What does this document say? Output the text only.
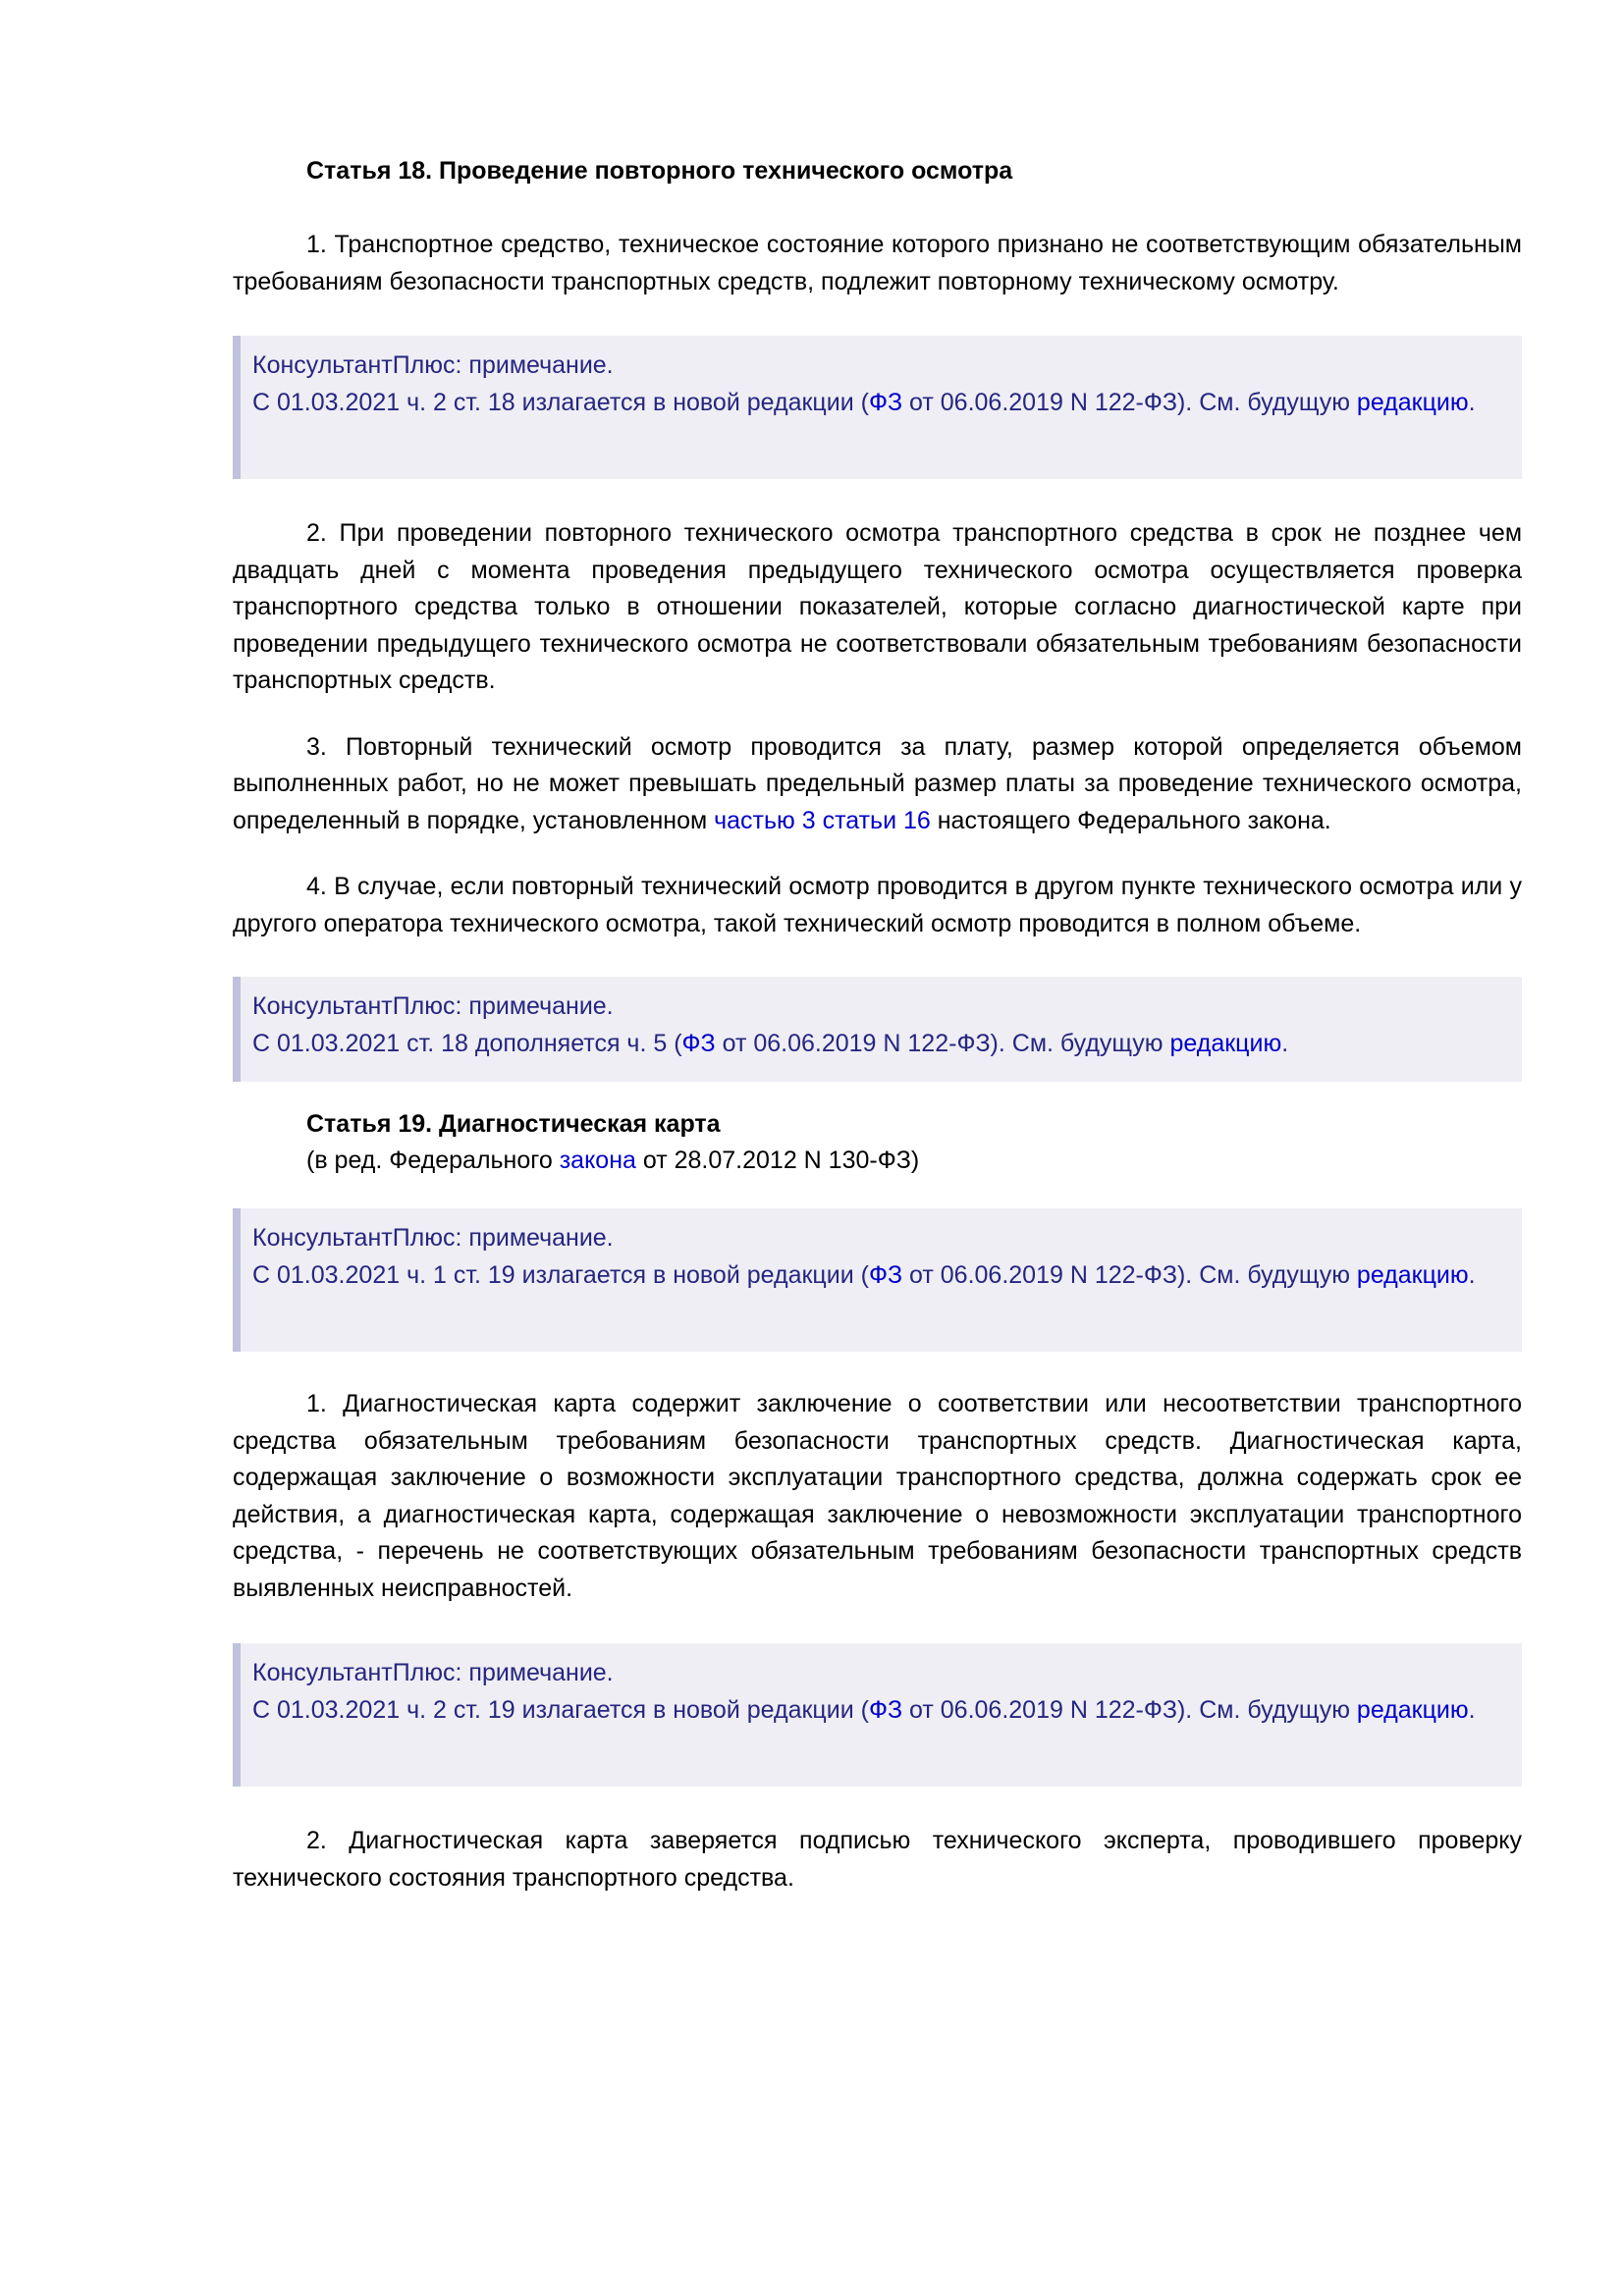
Статья 18. Проведение повторного технического осмотра

1. Транспортное средство, техническое состояние которого признано не соответствующим обязательным требованиям безопасности транспортных средств, подлежит повторному техническому осмотру.

КонсультантПлюс: примечание.

С 01.03.2021 ч. 2 ст. 18 излагается в новой редакции (ФЗ от 06.06.2019 N 122-ФЗ). См. будущую редакцию.

2. При проведении повторного технического осмотра транспортного средства в срок не позднее чем двадцать дней с момента проведения предыдущего технического осмотра осуществляется проверка транспортного средства только в отношении показателей, которые согласно диагностической карте при проведении предыдущего технического осмотра не соответствовали обязательным требованиям безопасности транспортных средств.

3. Повторный технический осмотр проводится за плату, размер которой определяется объемом выполненных работ, но не может превышать предельный размер платы за проведение технического осмотра, определенный в порядке, установленном частью 3 статьи 16 настоящего Федерального закона.

4. В случае, если повторный технический осмотр проводится в другом пункте технического осмотра или у другого оператора технического осмотра, такой технический осмотр проводится в полном объеме.

КонсультантПлюс: примечание.

С 01.03.2021 ст. 18 дополняется ч. 5 (ФЗ от 06.06.2019 N 122-ФЗ). См. будущую редакцию.

Статья 19. Диагностическая карта

(в ред. Федерального закона от 28.07.2012 N 130-ФЗ)

КонсультантПлюс: примечание.

С 01.03.2021 ч. 1 ст. 19 излагается в новой редакции (ФЗ от 06.06.2019 N 122-ФЗ). См. будущую редакцию.

1. Диагностическая карта содержит заключение о соответствии или несоответствии транспортного средства обязательным требованиям безопасности транспортных средств. Диагностическая карта, содержащая заключение о возможности эксплуатации транспортного средства, должна содержать срок ее действия, а диагностическая карта, содержащая заключение о невозможности эксплуатации транспортного средства, - перечень не соответствующих обязательным требованиям безопасности транспортных средств выявленных неисправностей.

КонсультантПлюс: примечание.

С 01.03.2021 ч. 2 ст. 19 излагается в новой редакции (ФЗ от 06.06.2019 N 122-ФЗ). См. будущую редакцию.

2. Диагностическая карта заверяется подписью технического эксперта, проводившего проверку технического состояния транспортного средства.
